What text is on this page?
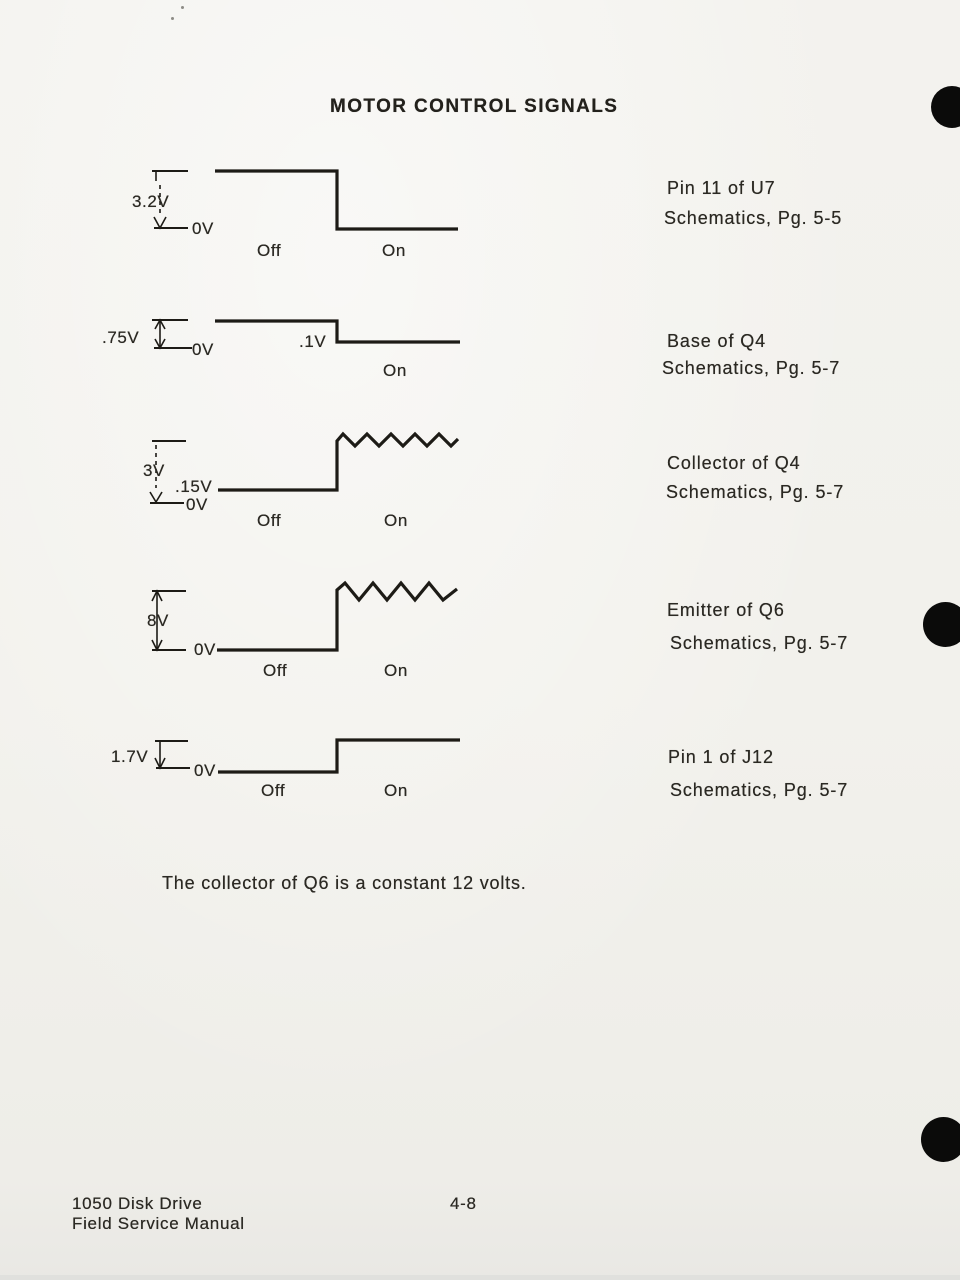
MOTOR CONTROL SIGNALS
3.2V
0V
Off	On
Pin 11 of U7
Schematics, Pg. 5-5
.75V
0V	.1V
On
Base of Q4
Schematics, Pg. 5-7
3V
.15V
0V
Off	On
Collector of Q4
Schematics, Pg. 5-7
8V
0V
Off	On
Emitter of Q6
Schematics, Pg. 5-7
1.7V
0V
Off	On
Pin 1 of J12
Schematics, Pg. 5-7
The collector of Q6 is a constant 12 volts.
1050 Disk Drive
Field Service Manual
4-8
